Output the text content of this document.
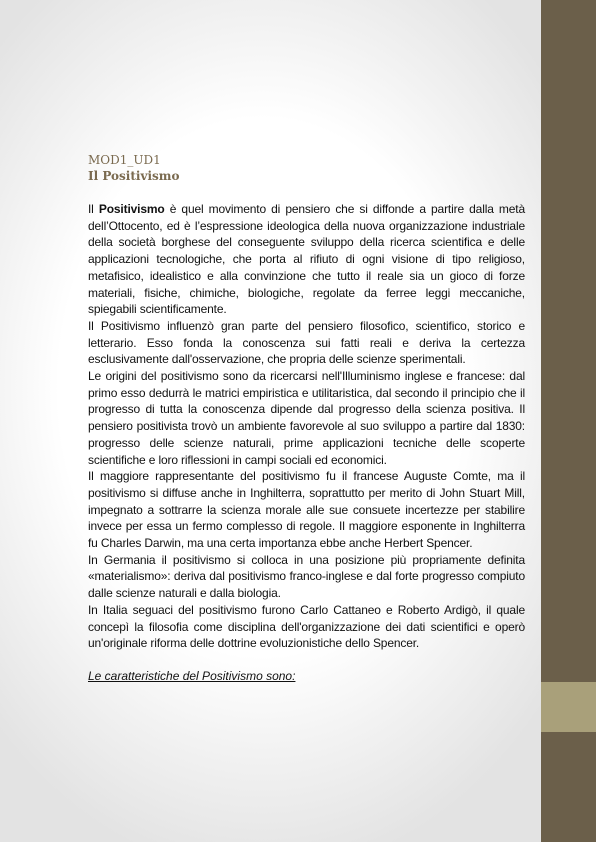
MOD1_UD1
Il Positivismo

Il Positivismo è quel movimento di pensiero che si diffonde a partire dalla metà dell’Ottocento, ed è l’espressione ideologica della nuova organizzazione industriale della società borghese del conseguente sviluppo della ricerca scientifica e delle applicazioni tecnologiche, che porta al rifiuto di ogni visione di tipo religioso, metafisico, idealistico e alla convinzione che tutto il reale sia un gioco di forze materiali, fisiche, chimiche, biologiche, regolate da ferree leggi meccaniche, spiegabili scientificamente.

Il Positivismo influenzò gran parte del pensiero filosofico, scientifico, storico e letterario. Esso fonda la conoscenza sui fatti reali e deriva la certezza esclusivamente dall'osservazione, che propria delle scienze sperimentali.

Le origini del positivismo sono da ricercarsi nell'Illuminismo inglese e francese: dal primo esso dedurrà le matrici empiristica e utilitaristica, dal secondo il principio che il progresso di tutta la conoscenza dipende dal progresso della scienza positiva. Il pensiero positivista trovò un ambiente favorevole al suo sviluppo a partire dal 1830: progresso delle scienze naturali, prime applicazioni tecniche delle scoperte scientifiche e loro riflessioni in campi sociali ed economici.

Il maggiore rappresentante del positivismo fu il francese Auguste Comte, ma il positivismo si diffuse anche in Inghilterra, soprattutto per merito di John Stuart Mill, impegnato a sottrarre la scienza morale alle sue consuete incertezze per stabilire invece per essa un fermo complesso di regole. Il maggiore esponente in Inghilterra fu Charles Darwin, ma una certa importanza ebbe anche Herbert Spencer.

In Germania il positivismo si colloca in una posizione più propriamente definita «materialismo»: deriva dal positivismo franco-inglese e dal forte progresso compiuto dalle scienze naturali e dalla biologia.

In Italia seguaci del positivismo furono Carlo Cattaneo e Roberto Ardigò, il quale concepì la filosofia come disciplina dell'organizzazione dei dati scientifici e operò un'originale riforma delle dottrine evoluzionistiche dello Spencer.

Le caratteristiche del Positivismo sono:
